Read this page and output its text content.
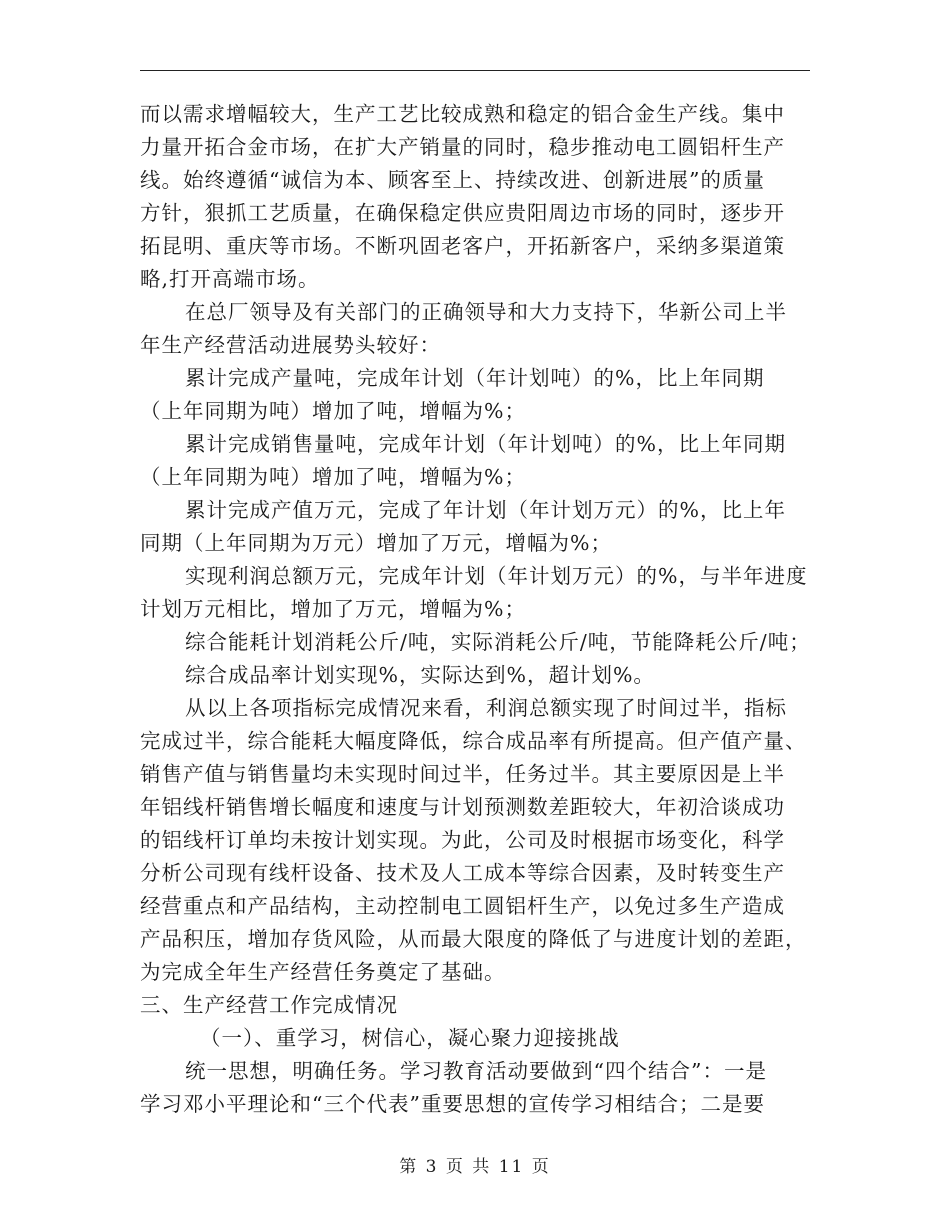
而以需求增幅较大，生产工艺比较成熟和稳定的铝合金生产线。集中
力量开拓合金市场，在扩大产销量的同时，稳步推动电工圆铝杆生产
线。始终遵循“诚信为本、顾客至上、持续改进、创新进展”的质量
方针，狠抓工艺质量，在确保稳定供应贵阳周边市场的同时，逐步开
拓昆明、重庆等市场。不断巩固老客户，开拓新客户，采纳多渠道策
略,打开高端市场。
在总厂领导及有关部门的正确领导和大力支持下，华新公司上半
年生产经营活动进展势头较好：
累计完成产量吨，完成年计划（年计划吨）的%，比上年同期
（上年同期为吨）增加了吨，增幅为%；
累计完成销售量吨，完成年计划（年计划吨）的%，比上年同期
（上年同期为吨）增加了吨，增幅为%；
累计完成产值万元，完成了年计划（年计划万元）的%，比上年
同期（上年同期为万元）增加了万元，增幅为%；
实现利润总额万元，完成年计划（年计划万元）的%，与半年进度
计划万元相比，增加了万元，增幅为%；
综合能耗计划消耗公斤/吨，实际消耗公斤/吨，节能降耗公斤/吨；
综合成品率计划实现%，实际达到%，超计划%。
从以上各项指标完成情况来看，利润总额实现了时间过半，指标
完成过半，综合能耗大幅度降低，综合成品率有所提高。但产值产量、
销售产值与销售量均未实现时间过半，任务过半。其主要原因是上半
年铝线杆销售增长幅度和速度与计划预测数差距较大，年初洽谈成功
的铝线杆订单均未按计划实现。为此，公司及时根据市场变化，科学
分析公司现有线杆设备、技术及人工成本等综合因素，及时转变生产
经营重点和产品结构，主动控制电工圆铝杆生产，以免过多生产造成
产品积压，增加存货风险，从而最大限度的降低了与进度计划的差距，
为完成全年生产经营任务奠定了基础。
三、生产经营工作完成情况
（一）、重学习，树信心，凝心聚力迎接挑战
统一思想，明确任务。学习教育活动要做到“四个结合”：一是
学习邓小平理论和“三个代表”重要思想的宣传学习相结合；二是要
第 3 页 共 11 页
